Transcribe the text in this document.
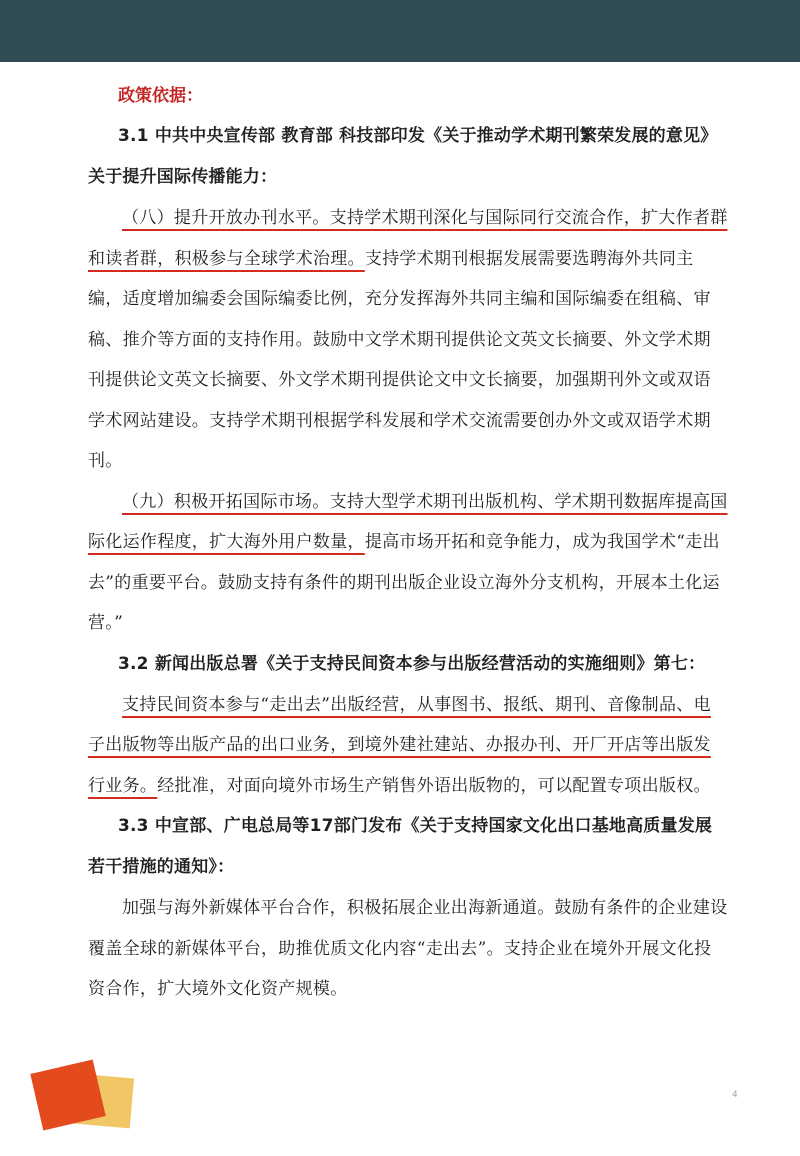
政策依据：

3.1 中共中央宣传部 教育部 科技部印发《关于推动学术期刊繁荣发展的意见》关于提升国际传播能力：

（八）提升开放办刊水平。支持学术期刊深化与国际同行交流合作，扩大作者群和读者群，积极参与全球学术治理。支持学术期刊根据发展需要选聘海外共同主编，适度增加编委会国际编委比例，充分发挥海外共同主编和国际编委在组稿、审稿、推介等方面的支持作用。鼓励中文学术期刊提供论文英文长摘要、外文学术期刊提供论文英文长摘要、外文学术期刊提供论文中文长摘要，加强期刊外文或双语学术网站建设。支持学术期刊根据学科发展和学术交流需要创办外文或双语学术期刊。

（九）积极开拓国际市场。支持大型学术期刊出版机构、学术期刊数据库提高国际化运作程度，扩大海外用户数量，提高市场开拓和竞争能力，成为我国学术“走出去”的重要平台。鼓励支持有条件的期刊出版企业设立海外分支机构，开展本土化运营。”

3.2 新闻出版总署《关于支持民间资本参与出版经营活动的实施细则》第七：

支持民间资本参与“走出去”出版经营，从事图书、报纸、期刊、音像制品、电子出版物等出版产品的出口业务，到境外建社建站、办报办刊、开厂开店等出版发行业务。经批准，对面向境外市场生产销售外语出版物的，可以配置专项出版权。

3.3 中宣部、广电总局等17部门发布《关于支持国家文化出口基地高质量发展若干措施的通知》：

加强与海外新媒体平台合作，积极拓展企业出海新通道。鼓励有条件的企业建设覆盖全球的新媒体平台，助推优质文化内容“走出去”。支持企业在境外开展文化投资合作，扩大境外文化资产规模。

4
